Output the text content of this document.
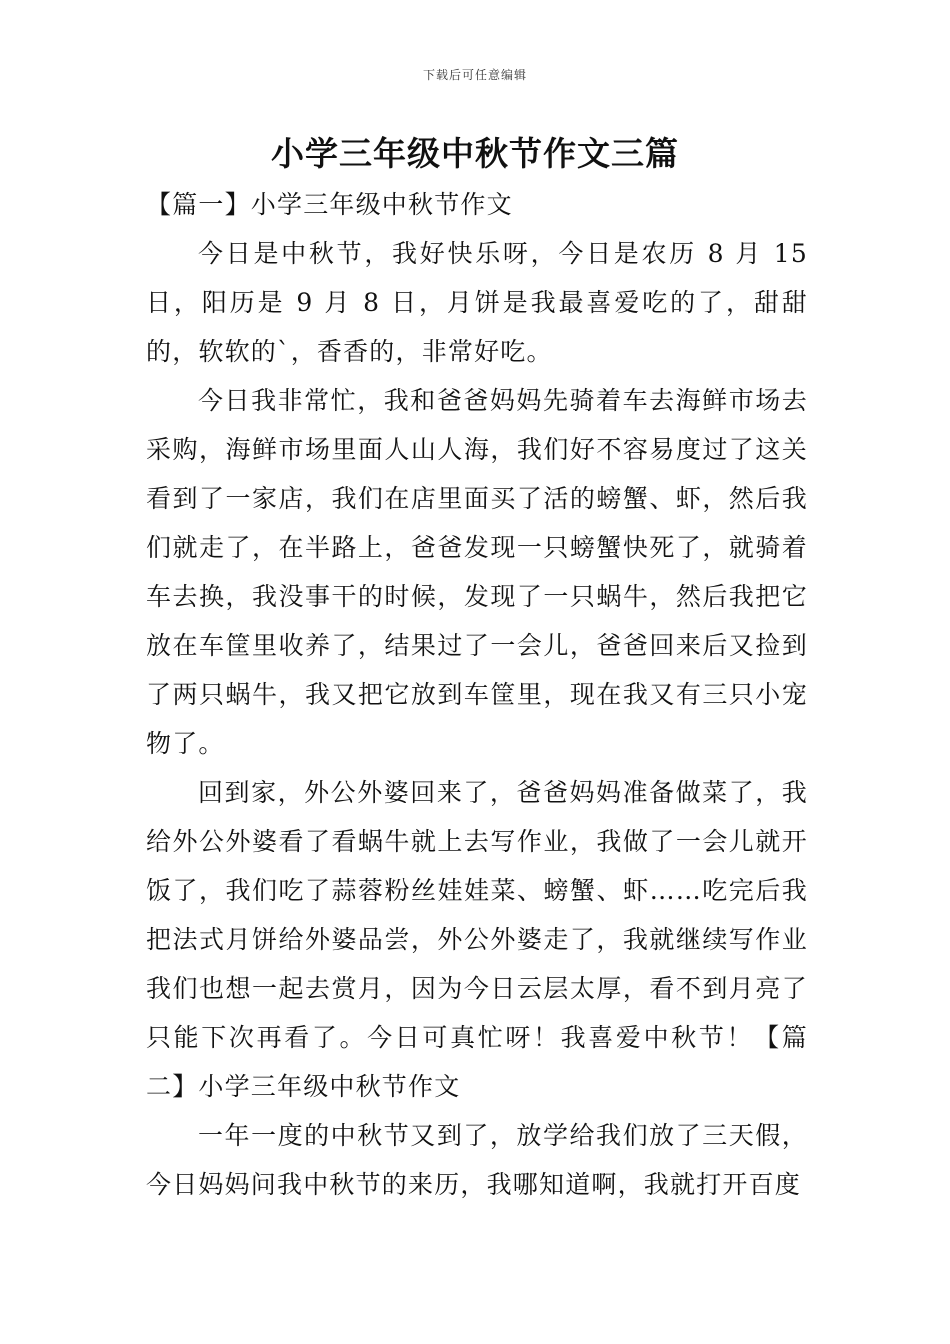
下载后可任意编辑
小学三年级中秋节作文三篇

【篇一】小学三年级中秋节作文

今日是中秋节，我好快乐呀，今日是农历 8 月 15 日，阳历是 9 月 8 日，月饼是我最喜爱吃的了，甜甜的，软软的`，香香的，非常好吃。

今日我非常忙，我和爸爸妈妈先骑着车去海鲜市场去采购，海鲜市场里面人山人海，我们好不容易度过了这关看到了一家店，我们在店里面买了活的螃蟹、虾，然后我们就走了，在半路上，爸爸发现一只螃蟹快死了，就骑着车去换，我没事干的时候，发现了一只蜗牛，然后我把它放在车筐里收养了，结果过了一会儿，爸爸回来后又捡到了两只蜗牛，我又把它放到车筐里，现在我又有三只小宠物了。

回到家，外公外婆回来了，爸爸妈妈准备做菜了，我给外公外婆看了看蜗牛就上去写作业，我做了一会儿就开饭了，我们吃了蒜蓉粉丝娃娃菜、螃蟹、虾……吃完后我把法式月饼给外婆品尝，外公外婆走了，我就继续写作业我们也想一起去赏月，因为今日云层太厚，看不到月亮了只能下次再看了。今日可真忙呀！我喜爱中秋节！【篇二】小学三年级中秋节作文

一年一度的中秋节又到了，放学给我们放了三天假，今日妈妈问我中秋节的来历，我哪知道啊，我就打开百度
